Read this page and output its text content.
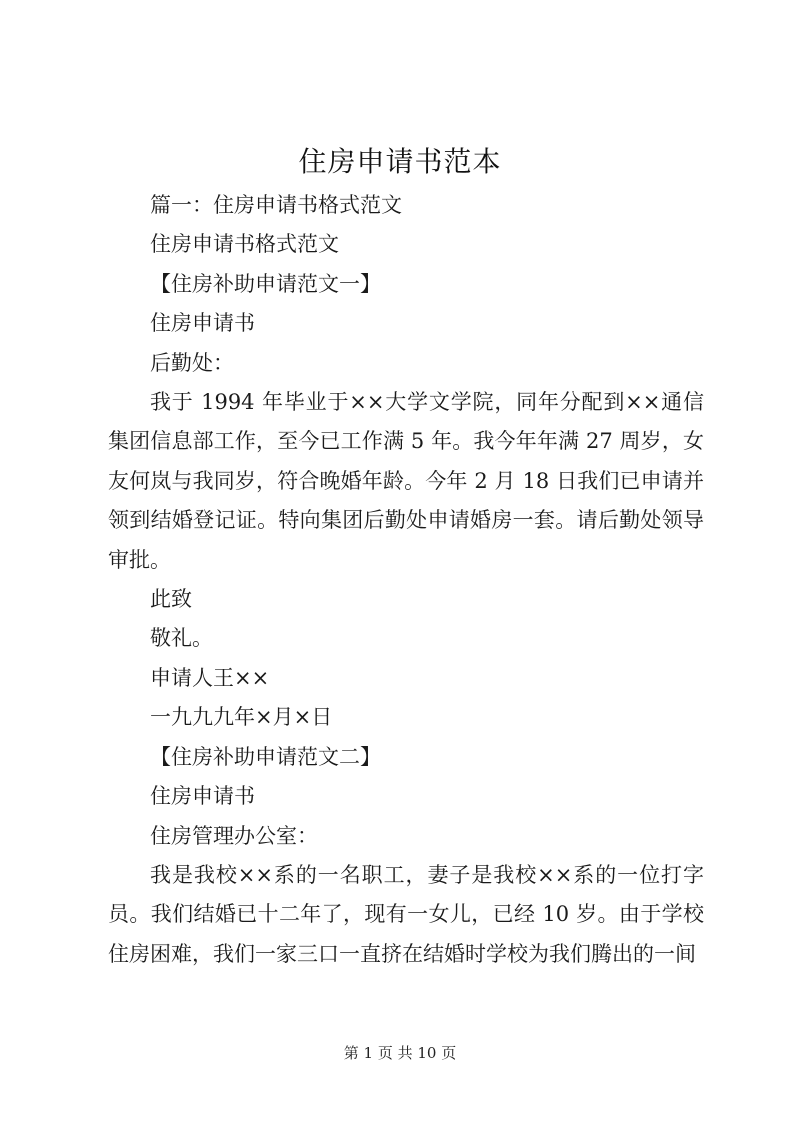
住房申请书范本

篇一：住房申请书格式范文

住房申请书格式范文

【住房补助申请范文一】

住房申请书

后勤处：

我于 1994 年毕业于××大学文学院，同年分配到××通信集团信息部工作，至今已工作满 5 年。我今年年满 27 周岁，女友何岚与我同岁，符合晚婚年龄。今年 2 月 18 日我们已申请并领到结婚登记证。特向集团后勤处申请婚房一套。请后勤处领导审批。

此致

敬礼。

申请人王××

一九九九年×月×日

【住房补助申请范文二】

住房申请书

住房管理办公室：

我是我校××系的一名职工，妻子是我校××系的一位打字员。我们结婚已十二年了，现有一女儿，已经 10 岁。由于学校住房困难，我们一家三口一直挤在结婚时学校为我们腾出的一间

第 1 页 共 10 页
